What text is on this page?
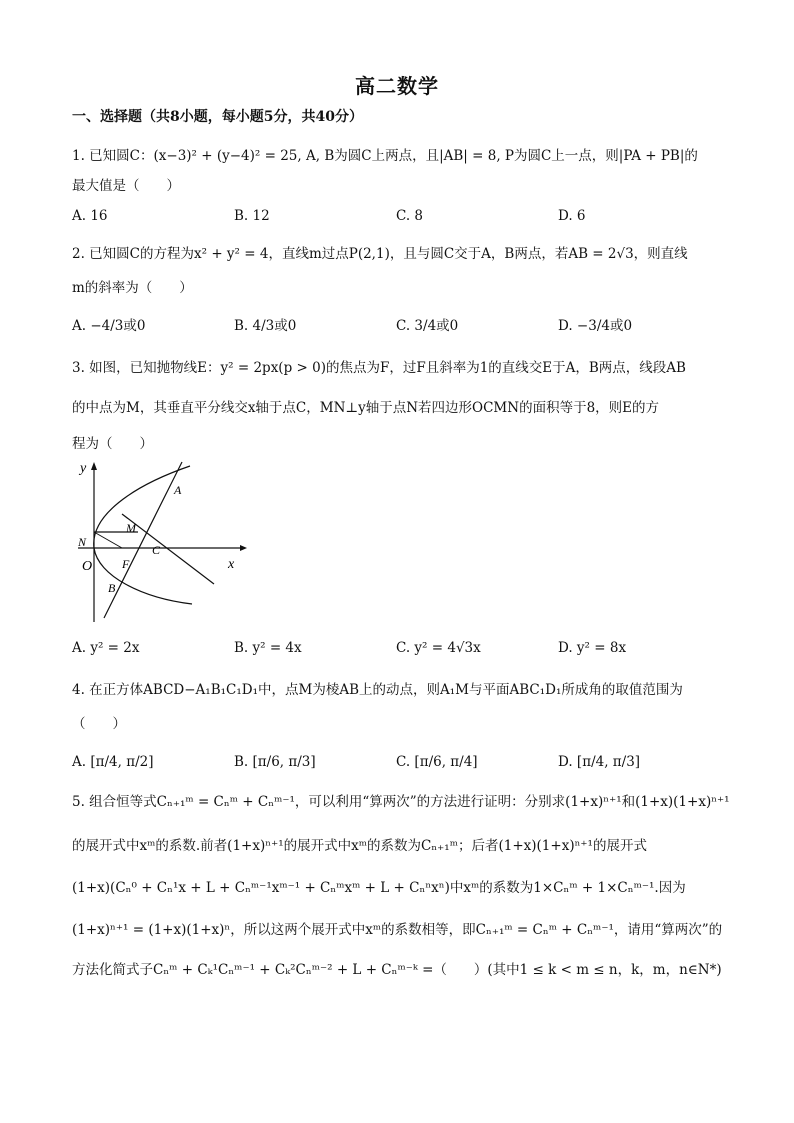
高二数学
一、选择题（共8小题，每小题5分，共40分）
1. 已知圆C：(x−3)² + (y−4)² = 25, A, B为圆C上两点，且|AB| = 8, P为圆C上一点，则|PA + PB|的
最大值是（　　）
A. 16	B. 12	C. 8	D. 6
2. 已知圆C的方程为x² + y² = 4，直线m过点P(2,1)，且与圆C交于A，B两点，若AB = 2√3，则直线
m的斜率为（　　）
A. −4/3或0	B. 4/3或0	C. 3/4或0	D. −3/4或0
3. 如图，已知抛物线E：y² = 2px(p > 0)的焦点为F，过F且斜率为1的直线交E于A，B两点，线段AB
的中点为M，其垂直平分线交x轴于点C，MN⊥y轴于点N若四边形OCMN的面积等于8，则E的方
程为（　　）
y
x
A
M
N
C
O F
B
A. y² = 2x	B. y² = 4x	C. y² = 4√3x	D. y² = 8x
4. 在正方体ABCD−A₁B₁C₁D₁中，点M为棱AB上的动点，则A₁M与平面ABC₁D₁所成角的取值范围为
（　　）
A. [π/4, π/2]	B. [π/6, π/3]	C. [π/6, π/4]	D. [π/4, π/3]
5. 组合恒等式Cₙ₊₁ᵐ = Cₙᵐ + Cₙᵐ⁻¹，可以利用“算两次”的方法进行证明：分别求(1+x)ⁿ⁺¹和(1+x)(1+x)ⁿ⁺¹
的展开式中xᵐ的系数.前者(1+x)ⁿ⁺¹的展开式中xᵐ的系数为Cₙ₊₁ᵐ；后者(1+x)(1+x)ⁿ⁺¹的展开式
(1+x)(Cₙ⁰ + Cₙ¹x + L + Cₙᵐ⁻¹xᵐ⁻¹ + Cₙᵐxᵐ + L + Cₙⁿxⁿ)中xᵐ的系数为1×Cₙᵐ + 1×Cₙᵐ⁻¹.因为
(1+x)ⁿ⁺¹ = (1+x)(1+x)ⁿ，所以这两个展开式中xᵐ的系数相等，即Cₙ₊₁ᵐ = Cₙᵐ + Cₙᵐ⁻¹，请用“算两次”的
方法化简式子Cₙᵐ + Cₖ¹Cₙᵐ⁻¹ + Cₖ²Cₙᵐ⁻² + L + Cₙᵐ⁻ᵏ =（　　）(其中1 ≤ k < m ≤ n，k，m，n∈N*)
